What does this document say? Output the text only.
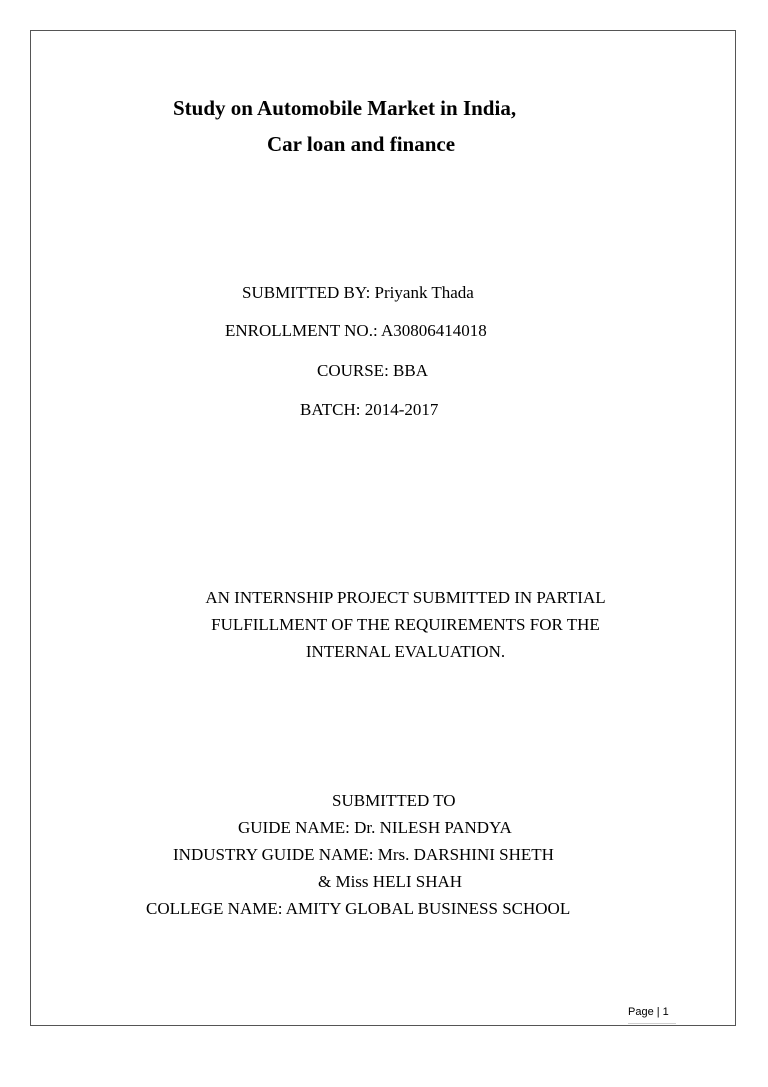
Study on Automobile Market in India,
Car loan and finance
SUBMITTED BY: Priyank Thada
ENROLLMENT NO.: A30806414018
COURSE: BBA
BATCH: 2014-2017
AN INTERNSHIP PROJECT SUBMITTED IN PARTIAL
FULFILLMENT OF THE REQUIREMENTS FOR THE
INTERNAL EVALUATION.
SUBMITTED TO
GUIDE NAME: Dr. NILESH PANDYA
INDUSTRY GUIDE NAME: Mrs. DARSHINI SHETH
& Miss HELI SHAH
COLLEGE NAME: AMITY GLOBAL BUSINESS SCHOOL
Page | 1
